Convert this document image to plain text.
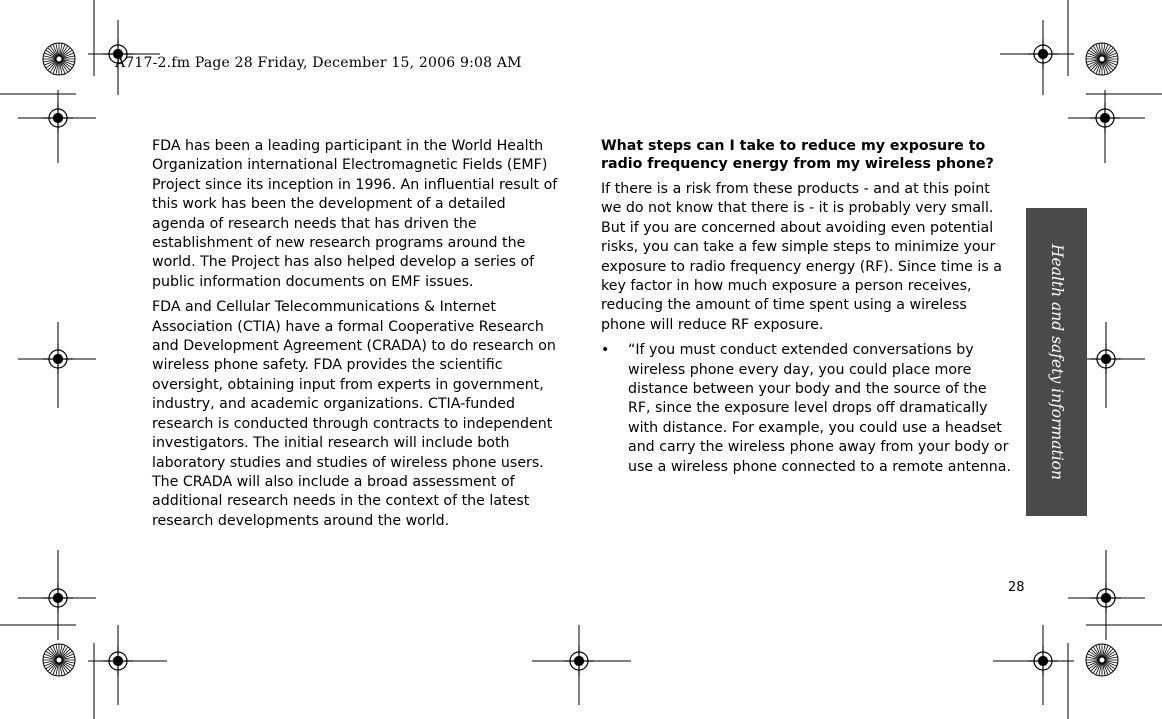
A717-2.fm Page 28 Friday, December 15, 2006 9:08 AM

FDA has been a leading participant in the World Health Organization international Electromagnetic Fields (EMF) Project since its inception in 1996. An influential result of this work has been the development of a detailed agenda of research needs that has driven the establishment of new research programs around the world. The Project has also helped develop a series of public information documents on EMF issues.

FDA and Cellular Telecommunications & Internet Association (CTIA) have a formal Cooperative Research and Development Agreement (CRADA) to do research on wireless phone safety. FDA provides the scientific oversight, obtaining input from experts in government, industry, and academic organizations. CTIA-funded research is conducted through contracts to independent investigators. The initial research will include both laboratory studies and studies of wireless phone users. The CRADA will also include a broad assessment of additional research needs in the context of the latest research developments around the world.

What steps can I take to reduce my exposure to radio frequency energy from my wireless phone?

If there is a risk from these products - and at this point we do not know that there is - it is probably very small. But if you are concerned about avoiding even potential risks, you can take a few simple steps to minimize your exposure to radio frequency energy (RF). Since time is a key factor in how much exposure a person receives, reducing the amount of time spent using a wireless phone will reduce RF exposure.

• “If you must conduct extended conversations by wireless phone every day, you could place more distance between your body and the source of the RF, since the exposure level drops off dramatically with distance. For example, you could use a headset and carry the wireless phone away from your body or use a wireless phone connected to a remote antenna. Health and safety information
28
